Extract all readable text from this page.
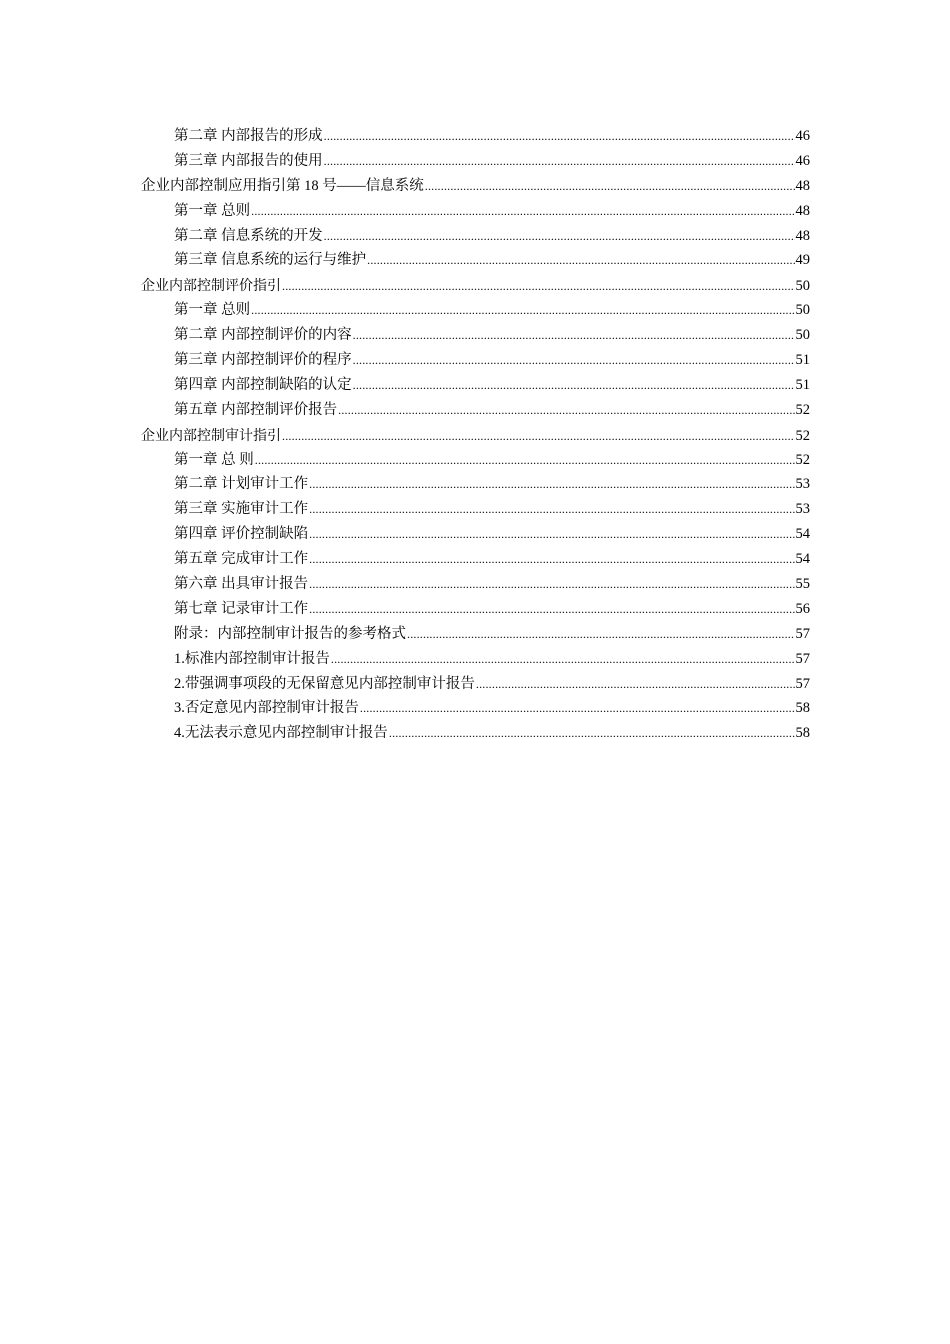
第二章 内部报告的形成 .....	46
第三章 内部报告的使用 .....	46
企业内部控制应用指引第 18 号——信息系统 .....	48
第一章 总则 .....	48
第二章 信息系统的开发 .....	48
第三章 信息系统的运行与维护 .....	49
企业内部控制评价指引 .....	50
第一章 总则 .....	50
第二章 内部控制评价的内容 .....	50
第三章 内部控制评价的程序 .....	51
第四章 内部控制缺陷的认定 .....	51
第五章 内部控制评价报告 .....	52
企业内部控制审计指引 .....	52
第一章 总 则 .....	52
第二章 计划审计工作 .....	53
第三章 实施审计工作 .....	53
第四章 评价控制缺陷 .....	54
第五章 完成审计工作 .....	54
第六章 出具审计报告 .....	55
第七章 记录审计工作 .....	56
附录：内部控制审计报告的参考格式 .....	57
1.标准内部控制审计报告 .....	57
2.带强调事项段的无保留意见内部控制审计报告 .....	57
3.否定意见内部控制审计报告 .....	58
4.无法表示意见内部控制审计报告 .....	58
